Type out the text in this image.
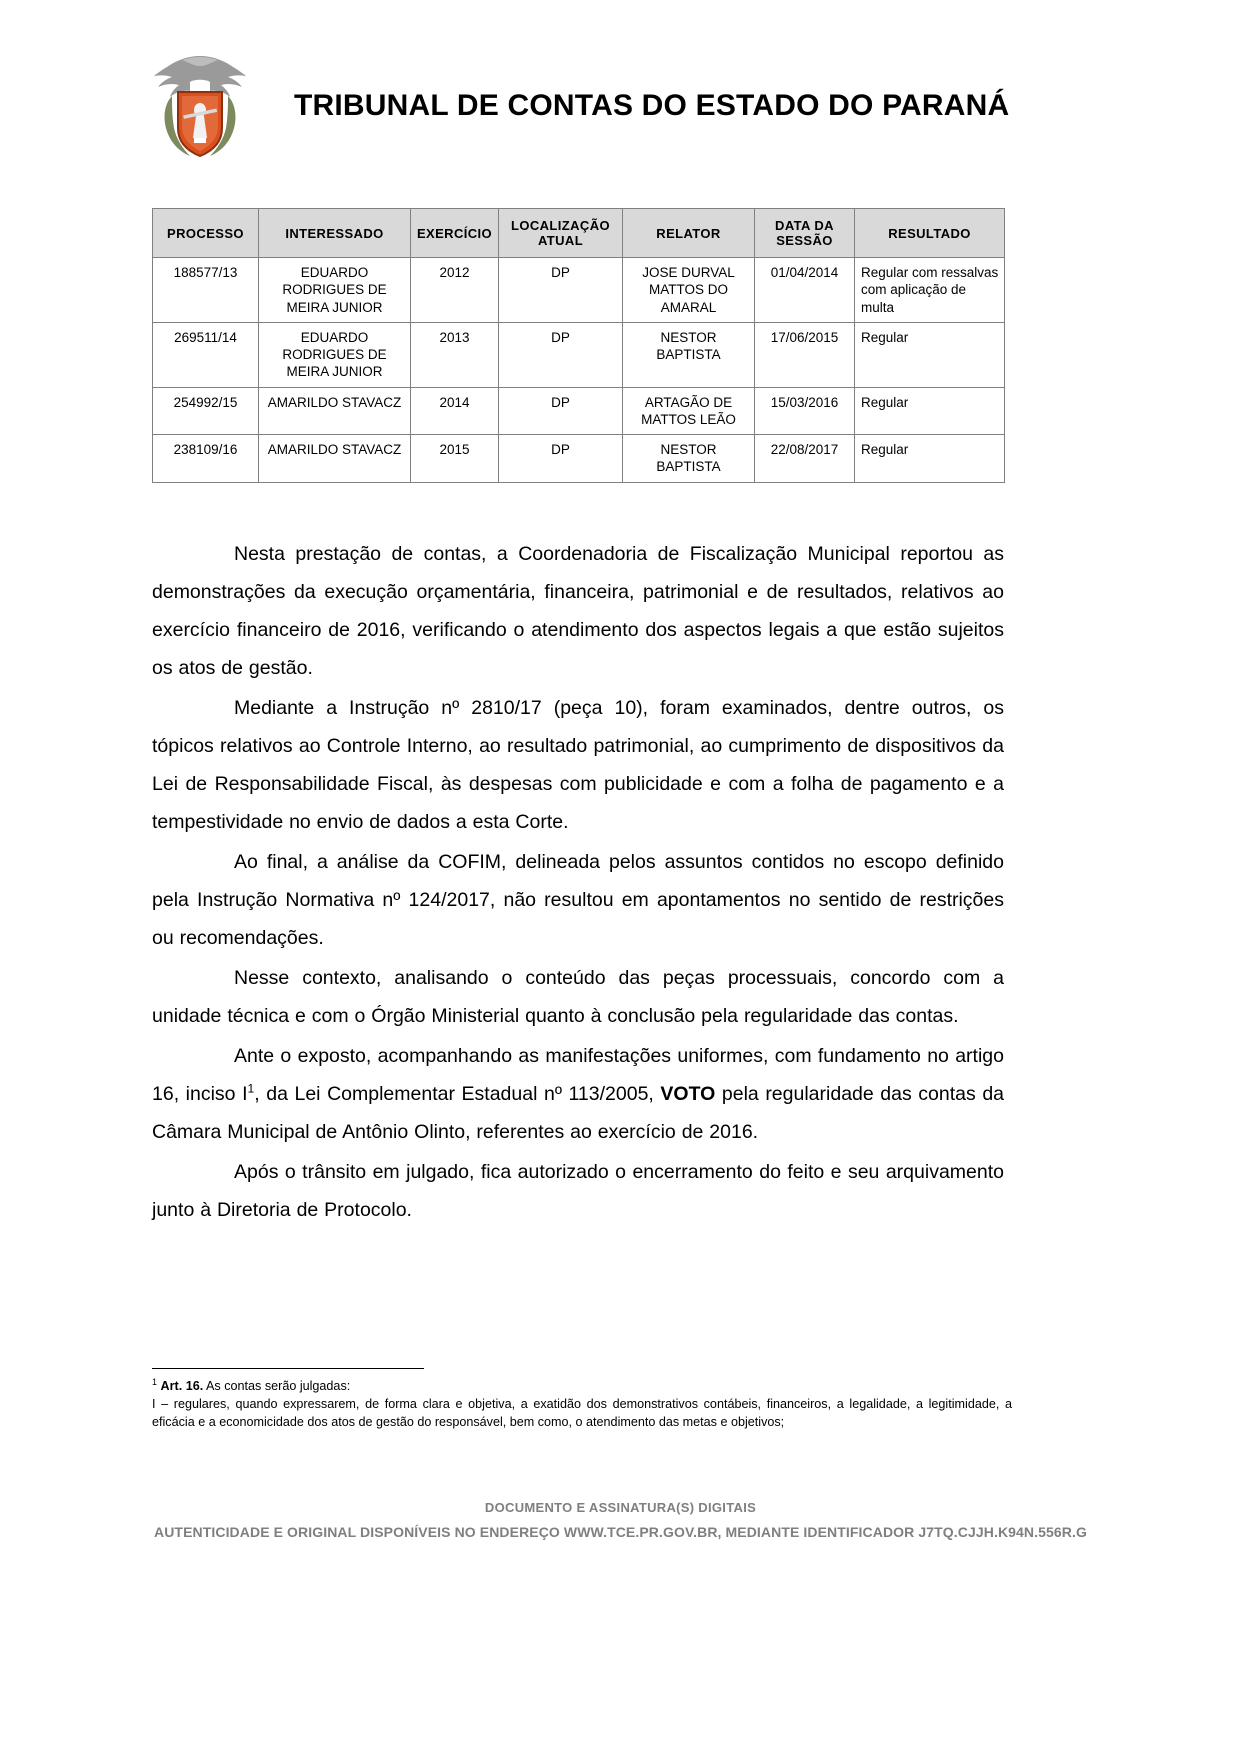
TRIBUNAL DE CONTAS DO ESTADO DO PARANÁ
PROCESSO	INTERESSADO	EXERCÍCIO	LOCALIZAÇÃO ATUAL	RELATOR	DATA DA SESSÃO	RESULTADO
188577/13	EDUARDO RODRIGUES DE MEIRA JUNIOR	2012	DP	JOSE DURVAL MATTOS DO AMARAL	01/04/2014	Regular com ressalvas com aplicação de multa
269511/14	EDUARDO RODRIGUES DE MEIRA JUNIOR	2013	DP	NESTOR BAPTISTA	17/06/2015	Regular
254992/15	AMARILDO STAVACZ	2014	DP	ARTAGÃO DE MATTOS LEÃO	15/03/2016	Regular
238109/16	AMARILDO STAVACZ	2015	DP	NESTOR BAPTISTA	22/08/2017	Regular

Nesta prestação de contas, a Coordenadoria de Fiscalização Municipal reportou as demonstrações da execução orçamentária, financeira, patrimonial e de resultados, relativos ao exercício financeiro de 2016, verificando o atendimento dos aspectos legais a que estão sujeitos os atos de gestão.

Mediante a Instrução nº 2810/17 (peça 10), foram examinados, dentre outros, os tópicos relativos ao Controle Interno, ao resultado patrimonial, ao cumprimento de dispositivos da Lei de Responsabilidade Fiscal, às despesas com publicidade e com a folha de pagamento e a tempestividade no envio de dados a esta Corte.

Ao final, a análise da COFIM, delineada pelos assuntos contidos no escopo definido pela Instrução Normativa nº 124/2017, não resultou em apontamentos no sentido de restrições ou recomendações.

Nesse contexto, analisando o conteúdo das peças processuais, concordo com a unidade técnica e com o Órgão Ministerial quanto à conclusão pela regularidade das contas.

Ante o exposto, acompanhando as manifestações uniformes, com fundamento no artigo 16, inciso $I^1$, da Lei Complementar Estadual nº 113/2005, VOTO pela regularidade das contas da Câmara Municipal de Antônio Olinto, referentes ao exercício de 2016.

Após o trânsito em julgado, fica autorizado o encerramento do feito e seu arquivamento junto à Diretoria de Protocolo.

$^1$ Art. 16. As contas serão julgadas:

I – regulares, quando expressarem, de forma clara e objetiva, a exatidão dos demonstrativos contábeis, financeiros, a legalidade, a legitimidade, a eficácia e a economicidade dos atos de gestão do responsável, bem como, o atendimento das metas e objetivos;

DOCUMENTO E ASSINATURA(S) DIGITAIS
AUTENTICIDADE E ORIGINAL DISPONÍVEIS NO ENDEREÇO WWW.TCE.PR.GOV.BR, MEDIANTE IDENTIFICADOR J7TQ.CJJH.K94N.556R.G
